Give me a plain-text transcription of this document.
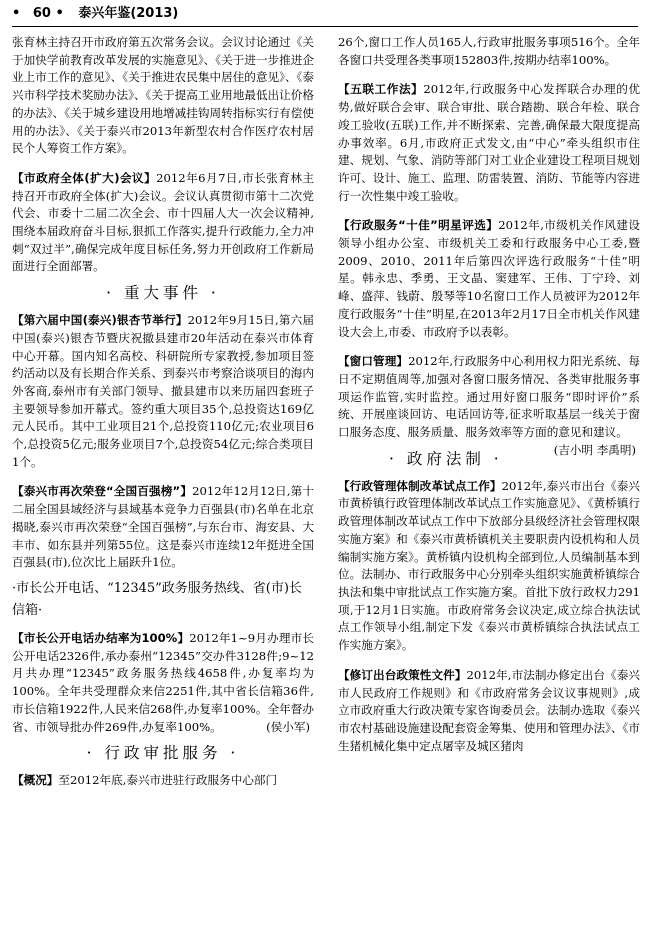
• 60 • 泰兴年鉴(2013)

张育林主持召开市政府第五次常务会议。会议讨论通过《关于加快学前教育改革发展的实施意见》、《关于进一步推进企业上市工作的意见》、《关于推进农民集中居住的意见》、《泰兴市科学技术奖励办法》、《关于提高工业用地最低出让价格的办法》、《关于城乡建设用地增减挂钩周转指标实行有偿使用的办法》、《关于泰兴市2013年新型农村合作医疗农村居民个人筹资工作方案》。

【市政府全体(扩大)会议】2012年6月7日,市长张育林主持召开市政府全体(扩大)会议。会议认真贯彻市第十二次党代会、市委十二届二次全会、市十四届人大一次会议精神,围绕本届政府奋斗目标,狠抓工作落实,提升行政能力,全力冲刺“双过半”,确保完成年度目标任务,努力开创政府工作新局面进行全面部署。

· 重大事件 ·

【第六届中国(泰兴)银杏节举行】2012年9月15日,第六届中国(泰兴)银杏节暨庆祝撤县建市20年活动在泰兴市体育中心开幕。国内知名高校、科研院所专家教授,参加项目签约活动以及有长期合作关系、到泰兴市考察洽谈项目的海内外客商,泰州市有关部门领导、撤县建市以来历届四套班子主要领导参加开幕式。签约重大项目35个,总投资达169亿元人民币。其中工业项目21个,总投资110亿元;农业项目6个,总投资5亿元;服务业项目7个,总投资54亿元;综合类项目1个。

【泰兴市再次荣登“全国百强榜”】2012年12月12日,第十二届全国县域经济与县域基本竞争力百强县(市)名单在北京揭晓,泰兴市再次荣登“全国百强榜”,与东台市、海安县、大丰市、如东县并列第55位。这是泰兴市连续12年挺进全国百强县(市),位次比上届跃升1位。

·市长公开电话、“12345”政务服务热线、省(市)长信箱·

【市长公开电话办结率为100%】2012年1~9月办理市长公开电话2326件,承办泰州“12345”交办件3128件;9~12月共办理“12345”政务服务热线4658件,办复率均为100%。全年共受理群众来信2251件,其中省长信箱36件,市长信箱1922件,人民来信268件,办复率100%。全年督办省、市领导批办件269件,办复率100%。	(侯小军)

· 行政审批服务 ·

【概况】至2012年底,泰兴市进驻行政服务中心部门

26个,窗口工作人员165人,行政审批服务事项516个。全年各窗口共受理各类事项152803件,按期办结率100%。

【五联工作法】2012年,行政服务中心发挥联合办理的优势,做好联合会审、联合审批、联合踏勘、联合年检、联合竣工验收(五联)工作,并不断探索、完善,确保最大限度提高办事效率。6月,市政府正式发文,由“中心”牵头组织市住建、规划、气象、消防等部门对工业企业建设工程项目规划许可、设计、施工、监理、防雷装置、消防、节能等内容进行一次性集中竣工验收。

【行政服务“十佳”明星评选】2012年,市级机关作风建设领导小组办公室、市级机关工委和行政服务中心工委,暨2009、2010、2011年后第四次评选行政服务“十佳”明星。韩永忠、季勇、王文晶、窦建军、王伟、丁宁玲、刘峰、盛萍、钱蔚、殷琴等10名窗口工作人员被评为2012年度行政服务“十佳”明星,在2013年2月17日全市机关作风建设大会上,市委、市政府予以表彰。

【窗口管理】2012年,行政服务中心利用权力阳光系统、每日不定期值周等,加强对各窗口服务情况、各类审批服务事项运作监管,实时监控。通过用好窗口服务“即时评价”系统、开展座谈回访、电话回访等,征求听取基层一线关于窗口服务态度、服务质量、服务效率等方面的意见和建议。
(吉小明 李禹明)

· 政府法制 ·

【行政管理体制改革试点工作】2012年,泰兴市出台《泰兴市黄桥镇行政管理体制改革试点工作实施意见》、《黄桥镇行政管理体制改革试点工作中下放部分县级经济社会管理权限实施方案》和《泰兴市黄桥镇机关主要职责内设机构和人员编制实施方案》。黄桥镇内设机构全部到位,人员编制基本到位。法制办、市行政服务中心分别牵头组织实施黄桥镇综合执法和集中审批试点工作实施方案。首批下放行政权力291项,于12月1日实施。市政府常务会议决定,成立综合执法试点工作领导小组,制定下发《泰兴市黄桥镇综合执法试点工作实施方案》。

【修订出台政策性文件】2012年,市法制办修定出台《泰兴市人民政府工作规则》和《市政府常务会议议事规则》,成立市政府重大行政决策专家咨询委员会。法制办选取《泰兴市农村基础设施建设配套资金筹集、使用和管理办法》、《市生猪机械化集中定点屠宰及城区猪肉
